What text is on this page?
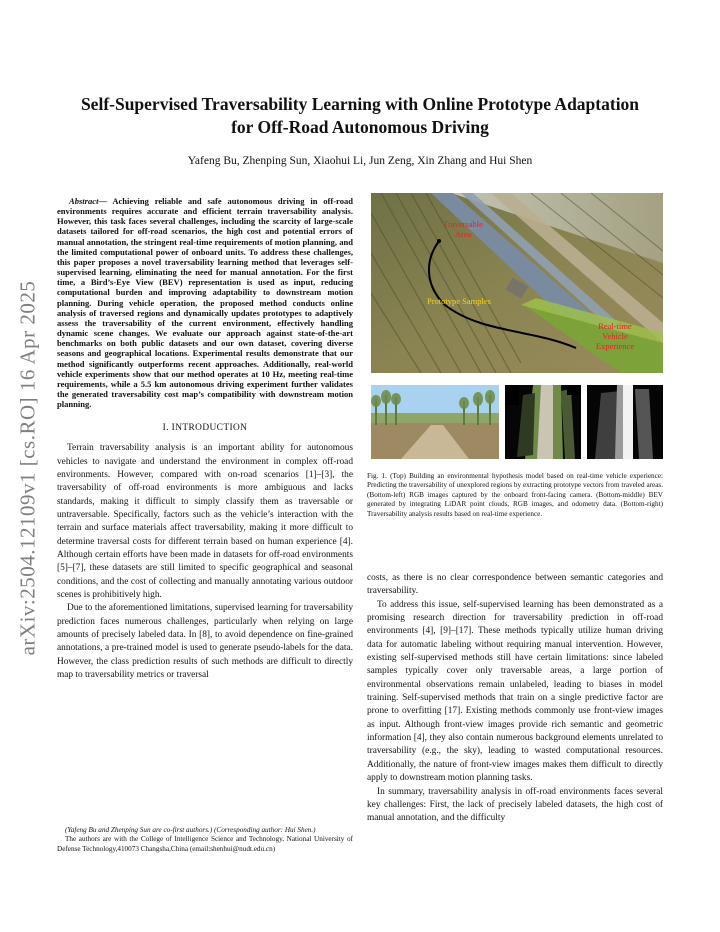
arXiv:2504.12109v1 [cs.RO] 16 Apr 2025
Self-Supervised Traversability Learning with Online Prototype Adaptation for Off-Road Autonomous Driving

Yafeng Bu, Zhenping Sun, Xiaohui Li, Jun Zeng, Xin Zhang and Hui Shen

Abstract— Achieving reliable and safe autonomous driving in off-road environments requires accurate and efficient terrain traversability analysis. However, this task faces several challenges, including the scarcity of large-scale datasets tailored for off-road scenarios, the high cost and potential errors of manual annotation, the stringent real-time requirements of motion planning, and the limited computational power of onboard units. To address these challenges, this paper proposes a novel traversability learning method that leverages self-supervised learning, eliminating the need for manual annotation. For the first time, a Bird’s-Eye View (BEV) representation is used as input, reducing computational burden and improving adaptability to downstream motion planning. During vehicle operation, the proposed method conducts online analysis of traversed regions and dynamically updates prototypes to adaptively assess the traversability of the current environment, effectively handling dynamic scene changes. We evaluate our approach against state-of-the-art benchmarks on both public datasets and our own dataset, covering diverse seasons and geographical locations. Experimental results demonstrate that our method significantly outperforms recent approaches. Additionally, real-world vehicle experiments show that our method operates at 10 Hz, meeting real-time requirements, while a 5.5 km autonomous driving experiment further validates the generated traversability cost map’s compatibility with downstream motion planning.

I. INTRODUCTION

Terrain traversability analysis is an important ability for autonomous vehicles to navigate and understand the environment in complex off-road environments. However, compared with on-road scenarios [1]–[3], the traversability of off-road environments is more ambiguous and lacks standards, making it difficult to simply classify them as traversable or untraversable. Specifically, factors such as the vehicle’s interaction with the terrain and surface materials affect traversability, making it more difficult to determine traversal costs for different terrain based on human experience [4]. Although certain efforts have been made in datasets for off-road environments [5]–[7], these datasets are still limited to specific geographical and seasonal conditions, and the cost of collecting and manually annotating various outdoor scenes is prohibitively high.

Due to the aforementioned limitations, supervised learning for traversability prediction faces numerous challenges, particularly when relying on large amounts of precisely labeled data. In [8], to avoid dependence on fine-grained annotations, a pre-trained model is used to generate pseudo-labels for the data. However, the class prediction results of such methods are difficult to directly map to traversability metrics or traversal

(Yafeng Bu and Zhenping Sun are co-first authors.) (Corresponding author: Hui Shen.)

The authors are with the College of Intelligence Science and Technology, National University of Defense Technology,410073 Changsha,China (email:shenhui@nudt.edu.cn)

Traversable
Area
Prototype Samples
Real-time
Vehicle
Experience

Fig. 1. (Top) Building an environmental hypothesis model based on real-time vehicle experience: Predicting the traversability of unexplored regions by extracting prototype vectors from traveled areas. (Bottom-left) RGB images captured by the onboard front-facing camera. (Bottom-middle) BEV generated by integrating LiDAR point clouds, RGB images, and odometry data. (Bottom-right) Traversability analysis results based on real-time experience.

costs, as there is no clear correspondence between semantic categories and traversability.

To address this issue, self-supervised learning has been demonstrated as a promising research direction for traversability prediction in off-road environments [4], [9]–[17]. These methods typically utilize human driving data for automatic labeling without requiring manual intervention. However, existing self-supervised methods still have certain limitations: since labeled samples typically cover only traversable areas, a large portion of environmental observations remain unlabeled, leading to biases in model training. Self-supervised methods that train on a single predictive factor are prone to overfitting [17]. Existing methods commonly use front-view images as input. Although front-view images provide rich semantic and geometric information [4], they also contain numerous background elements unrelated to traversability (e.g., the sky), leading to wasted computational resources. Additionally, the nature of front-view images makes them difficult to directly apply to downstream motion planning tasks.

In summary, traversability analysis in off-road environments faces several key challenges: First, the lack of precisely labeled datasets, the high cost of manual annotation, and the difficulty
